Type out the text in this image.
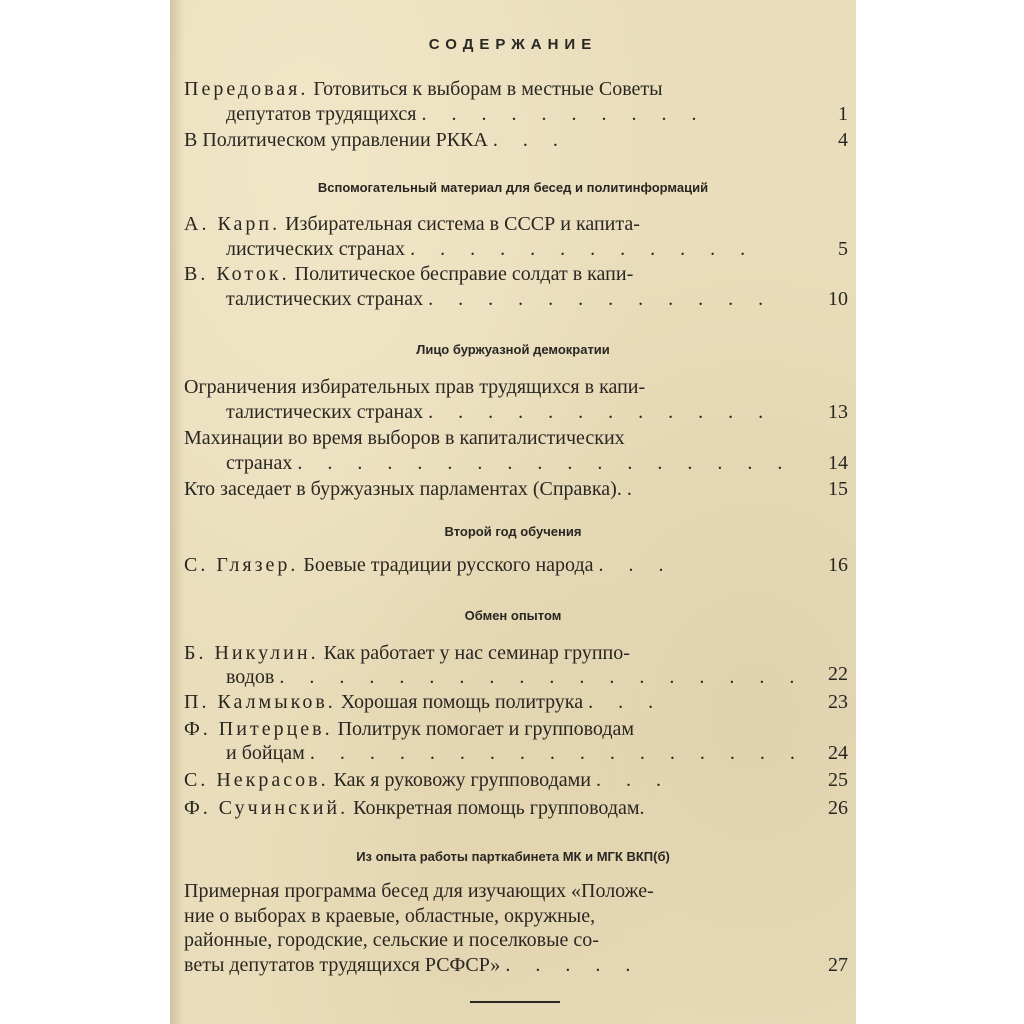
СОДЕРЖАНИЕ
Передовая. Готовиться к выборам в местные Советы
депутатов трудящихся . . . . . . . . . .	1
В Политическом управлении РККА . . .	4
Вспомогательный материал для бесед и политинформаций
А. Карп. Избирательная система в СССР и капита-
листических странах . . . . . . . . . . . .	5
В. Коток. Политическое бесправие солдат в капи-
талистических странах . . . . . . . . . . . .	10
Лицо буржуазной демократии
Ограничения избирательных прав трудящихся в капи-
талистических странах . . . . . . . . . . . .	13
Махинации во время выборов в капиталистических
странах . . . . . . . . . . . . . . . . .	14
Кто заседает в буржуазных парламентах (Справка). .	15
Второй год обучения
С. Глязер. Боевые традиции русского народа . . .	16
Обмен опытом
Б. Никулин. Как работает у нас семинар группо-
водов . . . . . . . . . . . . . . . . . .	22
П. Калмыков. Хорошая помощь политрука . . .	23
Ф. Питерцев. Политрук помогает и групповодам
и бойцам . . . . . . . . . . . . . . . . .	24
С. Некрасов. Как я руковожу групповодами . . .	25
Ф. Сучинский. Конкретная помощь групповодам.	26
Из опыта работы парткабинета МК и МГК ВКП(б)
Примерная программа бесед для изучающих «Положе-
ние о выборах в краевые, областные, окружные,
районные, городские, сельские и поселковые со-
веты депутатов трудящихся РСФСР» . . . . .	27
